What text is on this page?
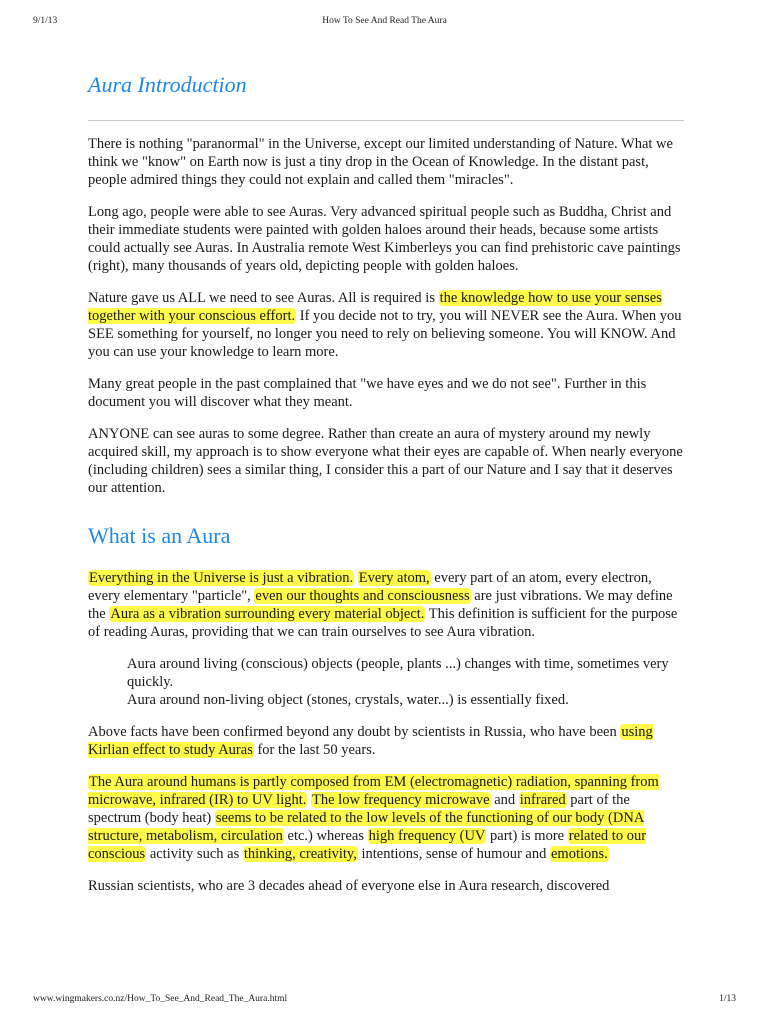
9/1/13	How To See And Read The Aura
Aura Introduction

There is nothing "paranormal" in the Universe, except our limited understanding of Nature. What we think we "know" on Earth now is just a tiny drop in the Ocean of Knowledge. In the distant past, people admired things they could not explain and called them "miracles".

Long ago, people were able to see Auras. Very advanced spiritual people such as Buddha, Christ and their immediate students were painted with golden haloes around their heads, because some artists could actually see Auras. In Australia remote West Kimberleys you can find prehistoric cave paintings (right), many thousands of years old, depicting people with golden haloes.

Nature gave us ALL we need to see Auras. All is required is the knowledge how to use your senses together with your conscious effort. If you decide not to try, you will NEVER see the Aura. When you SEE something for yourself, no longer you need to rely on believing someone. You will KNOW. And you can use your knowledge to learn more.

Many great people in the past complained that "we have eyes and we do not see". Further in this document you will discover what they meant.

ANYONE can see auras to some degree. Rather than create an aura of mystery around my newly acquired skill, my approach is to show everyone what their eyes are capable of. When nearly everyone (including children) sees a similar thing, I consider this a part of our Nature and I say that it deserves our attention.

What is an Aura

Everything in the Universe is just a vibration. Every atom, every part of an atom, every electron, every elementary "particle", even our thoughts and consciousness are just vibrations. We may define the Aura as a vibration surrounding every material object. This definition is sufficient for the purpose of reading Auras, providing that we can train ourselves to see Aura vibration.

Aura around living (conscious) objects (people, plants ...) changes with time, sometimes very quickly.
Aura around non-living object (stones, crystals, water...) is essentially fixed.

Above facts have been confirmed beyond any doubt by scientists in Russia, who have been using Kirlian effect to study Auras for the last 50 years.

The Aura around humans is partly composed from EM (electromagnetic) radiation, spanning from microwave, infrared (IR) to UV light. The low frequency microwave and infrared part of the spectrum (body heat) seems to be related to the low levels of the functioning of our body (DNA structure, metabolism, circulation etc.) whereas high frequency (UV part) is more related to our conscious activity such as thinking, creativity, intentions, sense of humour and emotions.

Russian scientists, who are 3 decades ahead of everyone else in Aura research, discovered

www.wingmakers.co.nz/How_To_See_And_Read_The_Aura.html	1/13
